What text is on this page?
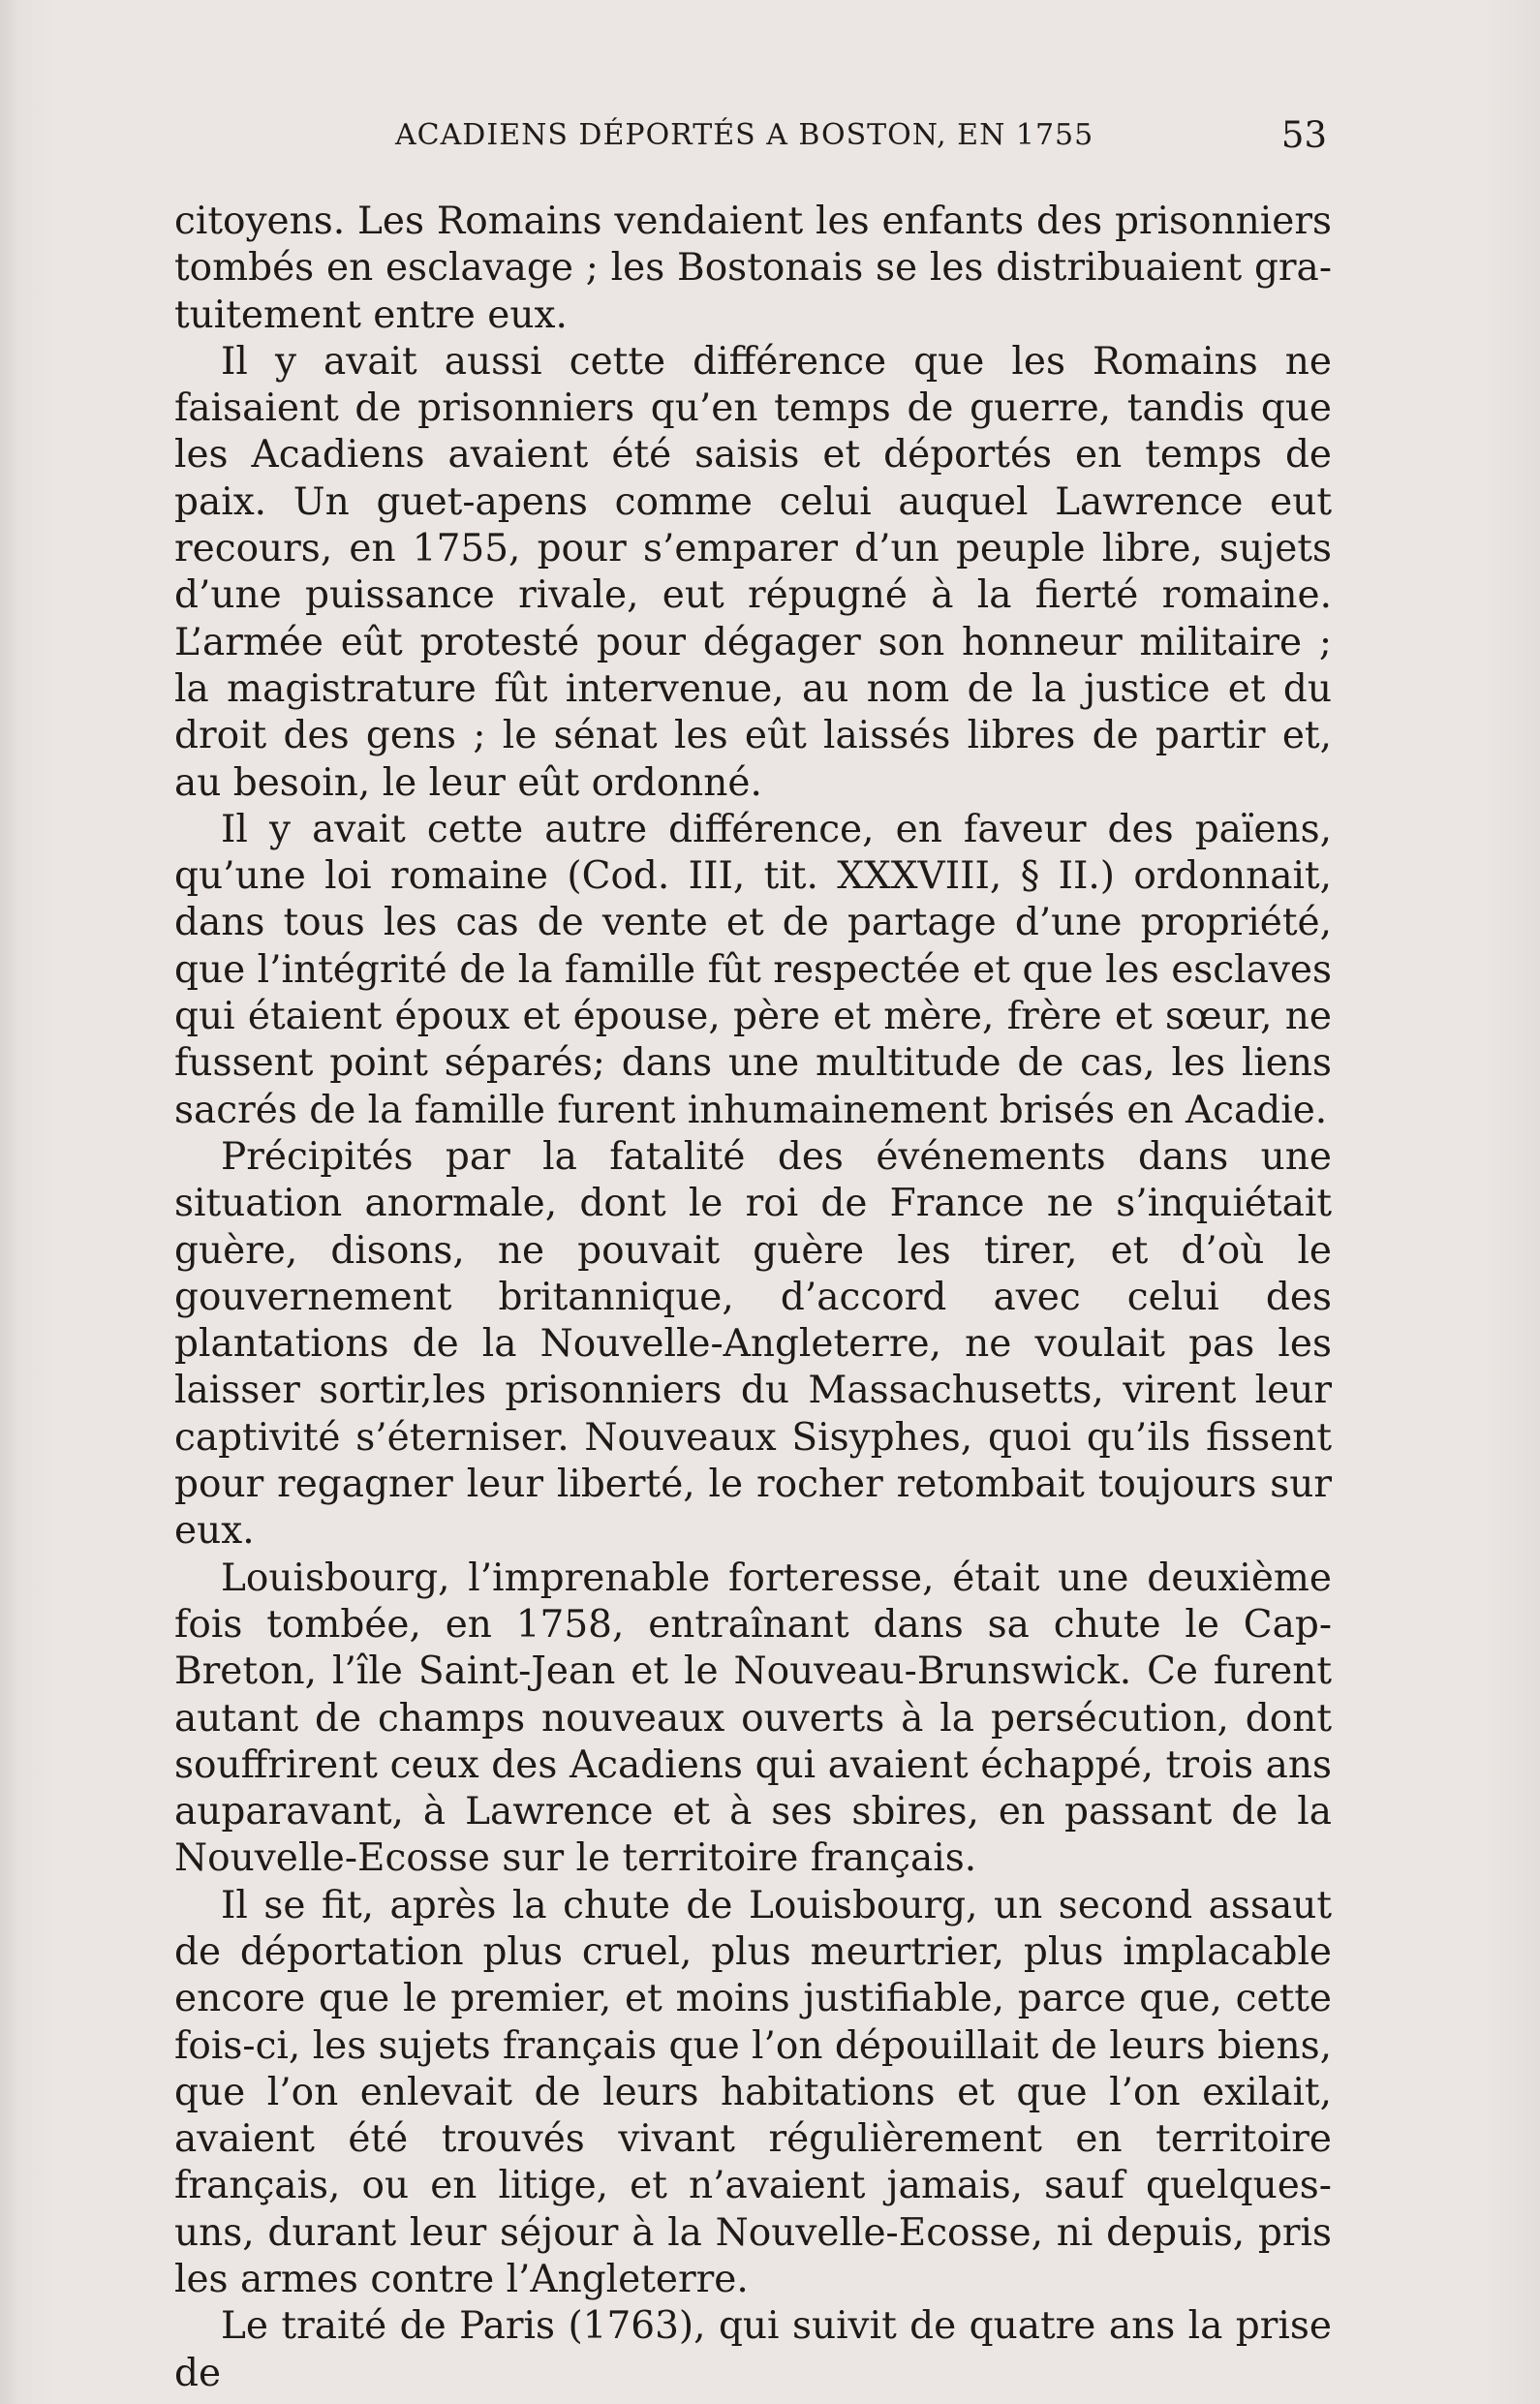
ACADIENS DÉPORTÉS A BOSTON, EN 1755	53

citoyens. Les Romains vendaient les enfants des prisonniers tombés en esclavage ; les Bostonais se les distribuaient gratuitement entre eux.

Il y avait aussi cette différence que les Romains ne faisaient de prisonniers qu’en temps de guerre, tandis que les Acadiens avaient été saisis et déportés en temps de paix. Un guet-apens comme celui auquel Lawrence eut recours, en 1755, pour s’emparer d’un peuple libre, sujets d’une puissance rivale, eut répugné à la fierté romaine. L’armée eût protesté pour dégager son honneur militaire ; la magistrature fût intervenue, au nom de la justice et du droit des gens ; le sénat les eût laissés libres de partir et, au besoin, le leur eût ordonné.

Il y avait cette autre différence, en faveur des païens, qu’une loi romaine (Cod. III, tit. XXXVIII, § II.) ordonnait, dans tous les cas de vente et de partage d’une propriété, que l’intégrité de la famille fût respectée et que les esclaves qui étaient époux et épouse, père et mère, frère et sœur, ne fussent point séparés; dans une multitude de cas, les liens sacrés de la famille furent inhumainement brisés en Acadie.

Précipités par la fatalité des événements dans une situation anormale, dont le roi de France ne s’inquiétait guère, disons, ne pouvait guère les tirer, et d’où le gouvernement britannique, d’accord avec celui des plantations de la Nouvelle-Angleterre, ne voulait pas les laisser sortir,les prisonniers du Massachusetts, virent leur captivité s’éterniser. Nouveaux Sisyphes, quoi qu’ils fissent pour regagner leur liberté, le rocher retombait toujours sur eux.

Louisbourg, l’imprenable forteresse, était une deuxième fois tombée, en 1758, entraînant dans sa chute le Cap-Breton, l’île Saint-Jean et le Nouveau-Brunswick. Ce furent autant de champs nouveaux ouverts à la persécution, dont souffrirent ceux des Acadiens qui avaient échappé, trois ans auparavant, à Lawrence et à ses sbires, en passant de la Nouvelle-Ecosse sur le territoire français.

Il se fit, après la chute de Louisbourg, un second assaut de déportation plus cruel, plus meurtrier, plus implacable encore que le premier, et moins justifiable, parce que, cette fois-ci, les sujets français que l’on dépouillait de leurs biens, que l’on enlevait de leurs habitations et que l’on exilait, avaient été trouvés vivant régulièrement en territoire français, ou en litige, et n’avaient jamais, sauf quelques-uns, durant leur séjour à la Nouvelle-Ecosse, ni depuis, pris les armes contre l’Angleterre.

Le traité de Paris (1763), qui suivit de quatre ans la prise de
